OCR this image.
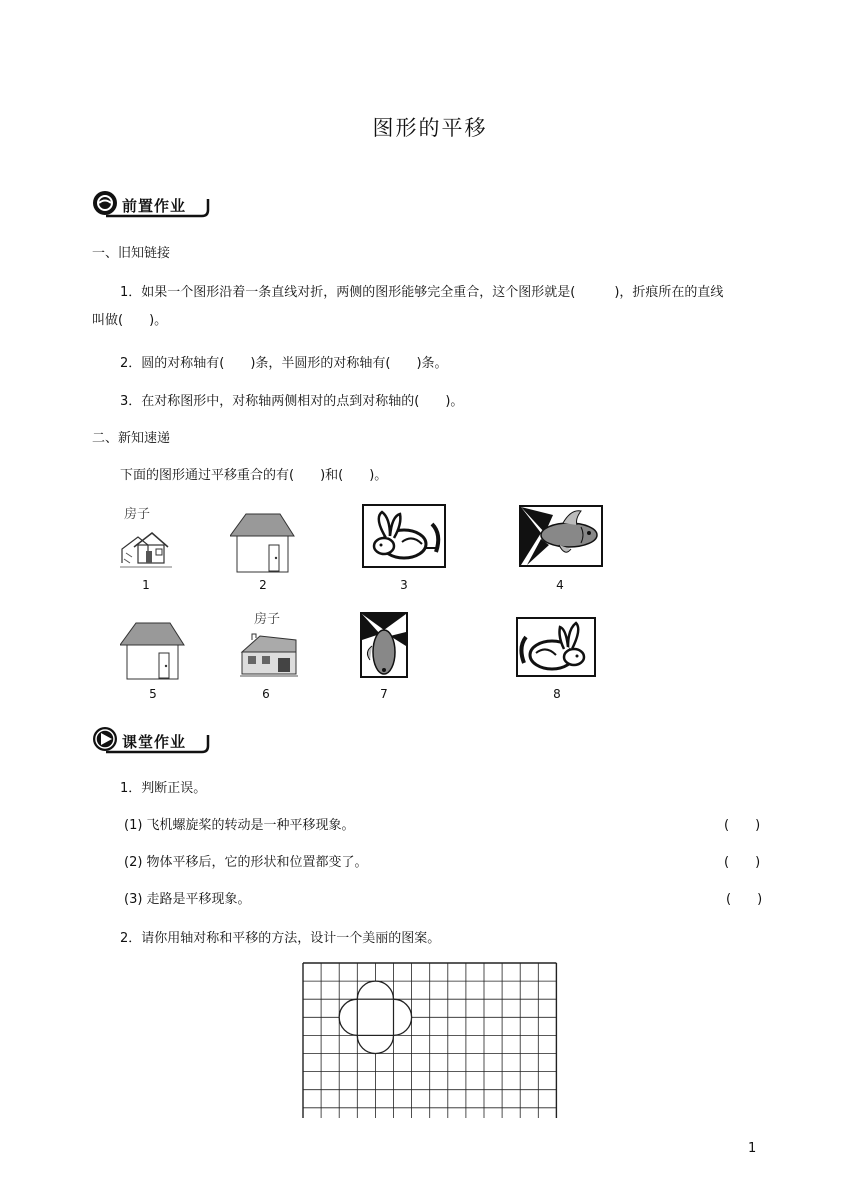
图形的平移
前置作业
一、旧知链接
1．如果一个图形沿着一条直线对折，两侧的图形能够完全重合，这个图形就是(　　　)，折痕所在的直线
叫做(　　)。
2．圆的对称轴有(　　)条，半圆形的对称轴有(　　)条。
3．在对称图形中，对称轴两侧相对的点到对称轴的(　　)。
二、新知速递
下面的图形通过平移重合的有(　　)和(　　)。
房子
1	2	3	4
5
房子
6	7	8
课堂作业
1．判断正误。
(1) 飞机螺旋桨的转动是一种平移现象。	(　　)
(2) 物体平移后，它的形状和位置都变了。	(　　)
(3) 走路是平移现象。	(　　)
2．请你用轴对称和平移的方法，设计一个美丽的图案。
1
